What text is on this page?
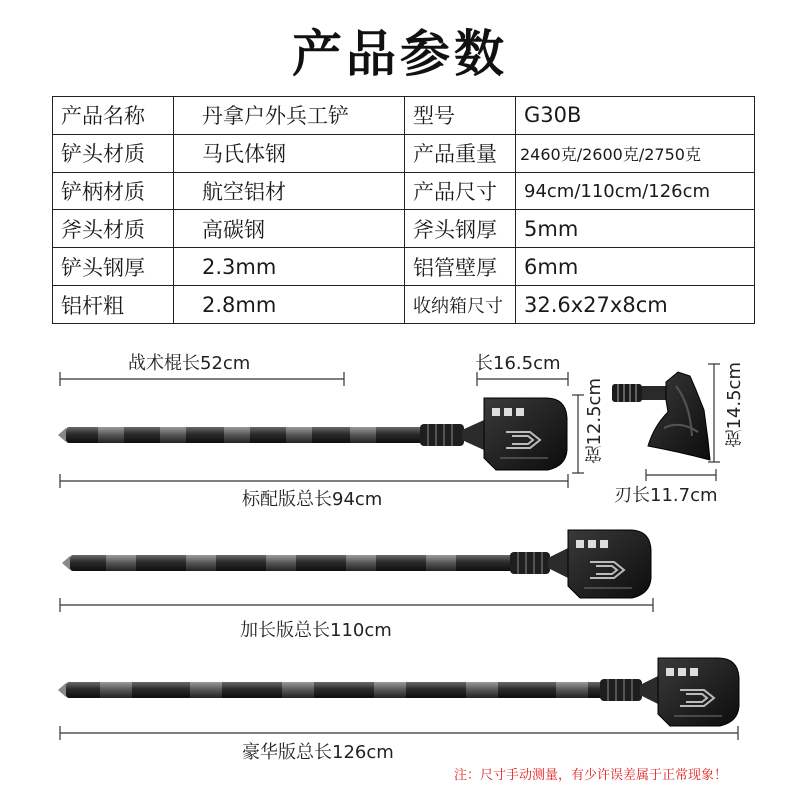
产品参数
产品名称	丹拿户外兵工铲	型号	G30B
铲头材质	马氏体钢	产品重量	2460克/2600克/2750克
铲柄材质	航空铝材	产品尺寸	94cm/110cm/126cm
斧头材质	高碳钢	斧头钢厚	5mm
铲头钢厚	2.3mm	铝管壁厚	6mm
铝杆粗	2.8mm	收纳箱尺寸	32.6x27x8cm
战术棍长52cm	长16.5cm
宽12.5cm	宽14.5cm
刃长11.7cm
标配版总长94cm
加长版总长110cm
豪华版总长126cm
注：尺寸手动测量，有少许误差属于正常现象！
